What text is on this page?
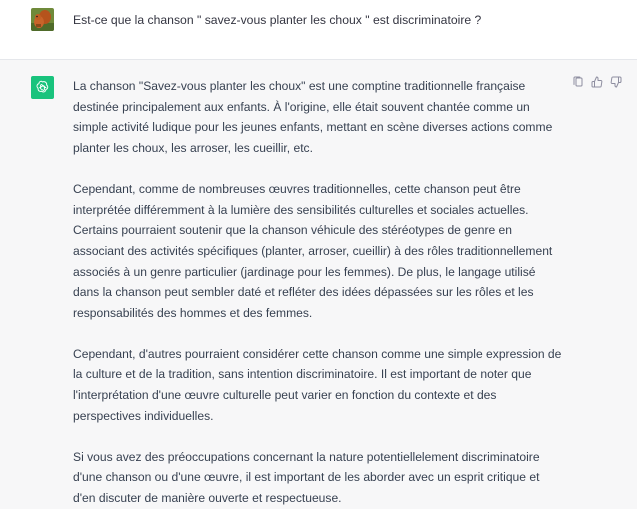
Est-ce que la chanson " savez-vous planter les choux " est discriminatoire ?

La chanson "Savez-vous planter les choux" est une comptine traditionnelle française destinée principalement aux enfants. À l'origine, elle était souvent chantée comme un simple activité ludique pour les jeunes enfants, mettant en scène diverses actions comme planter les choux, les arroser, les cueillir, etc.

Cependant, comme de nombreuses œuvres traditionnelles, cette chanson peut être interprétée différemment à la lumière des sensibilités culturelles et sociales actuelles. Certains pourraient soutenir que la chanson véhicule des stéréotypes de genre en associant des activités spécifiques (planter, arroser, cueillir) à des rôles traditionnellement associés à un genre particulier (jardinage pour les femmes). De plus, le langage utilisé dans la chanson peut sembler daté et refléter des idées dépassées sur les rôles et les responsabilités des hommes et des femmes.

Cependant, d'autres pourraient considérer cette chanson comme une simple expression de la culture et de la tradition, sans intention discriminatoire. Il est important de noter que l'interprétation d'une œuvre culturelle peut varier en fonction du contexte et des perspectives individuelles.

Si vous avez des préoccupations concernant la nature potentiellelement discriminatoire d'une chanson ou d'une œuvre, il est important de les aborder avec un esprit critique et d'en discuter de manière ouverte et respectueuse.
